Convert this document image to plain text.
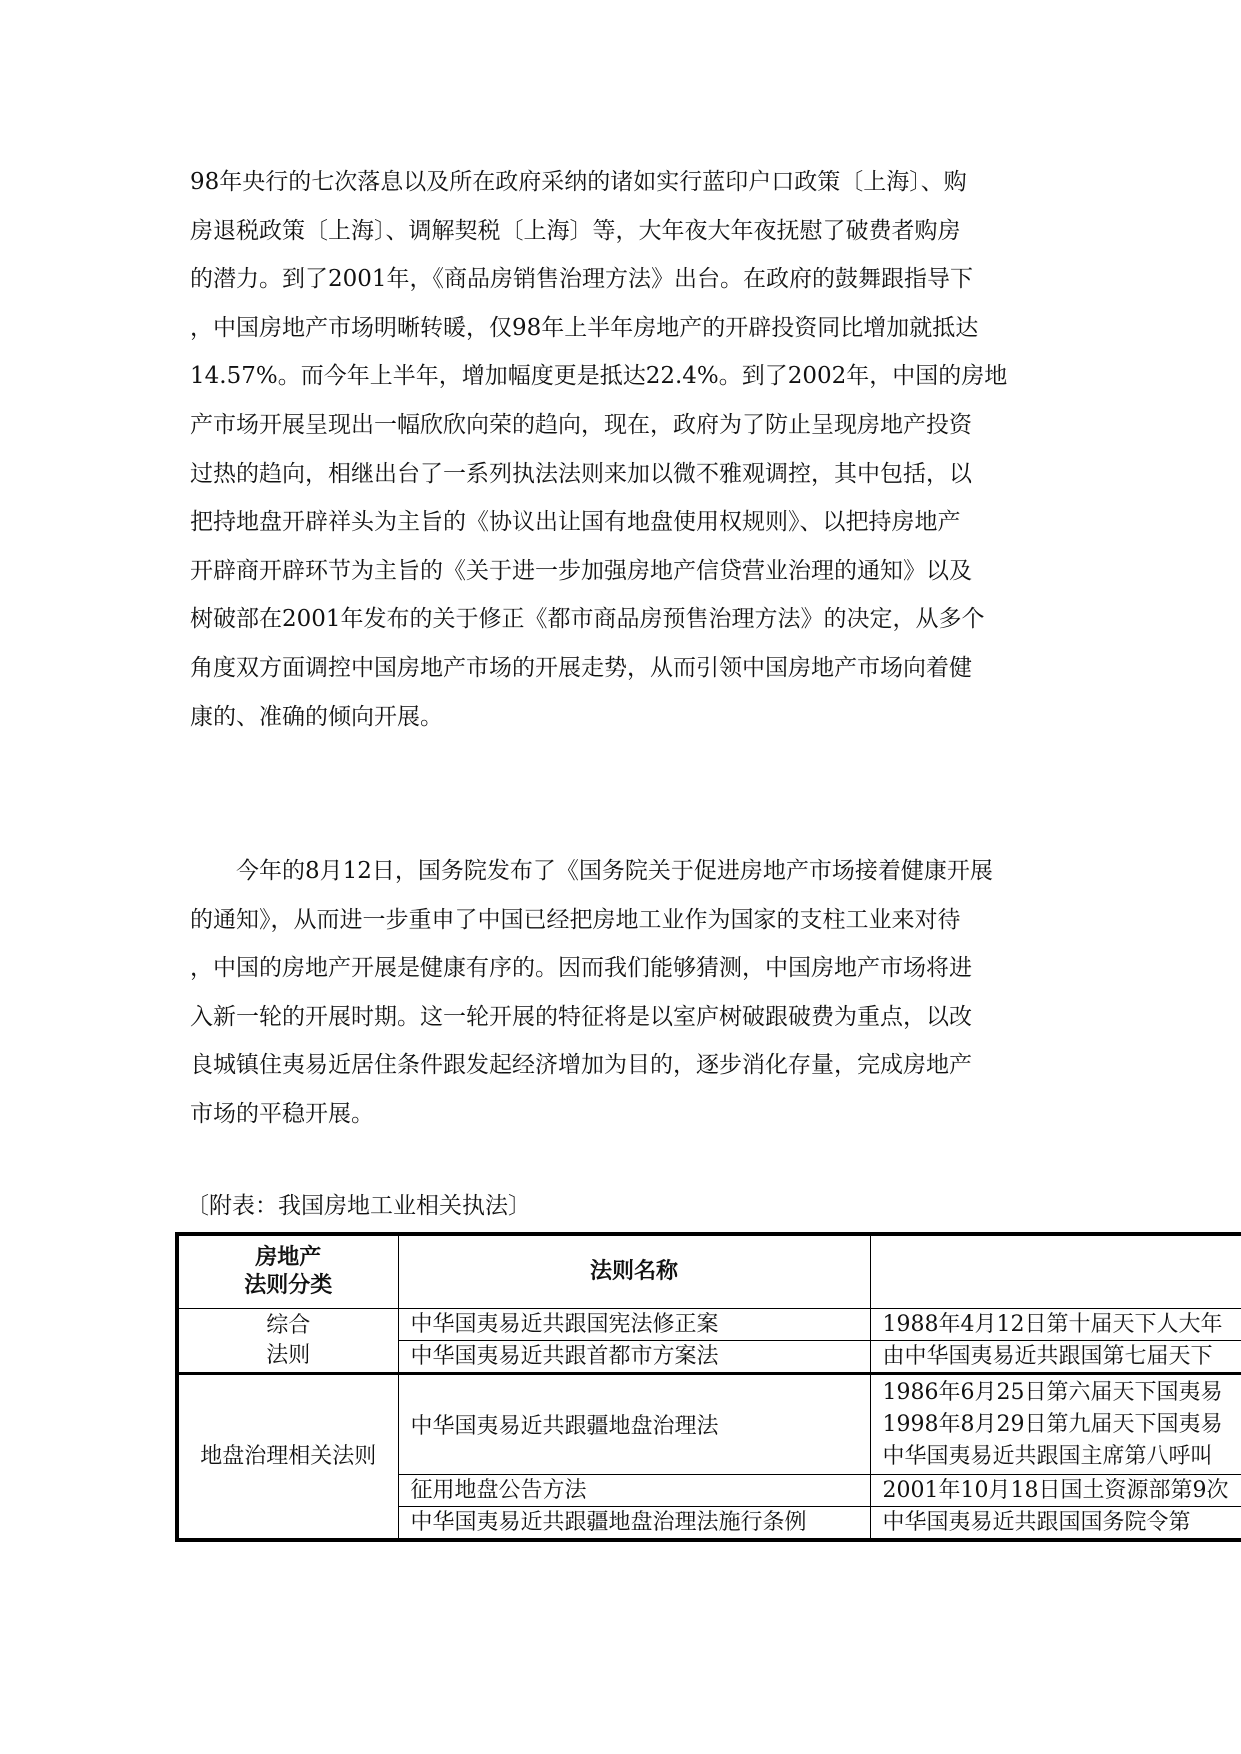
98年央行的七次落息以及所在政府采纳的诸如实行蓝印户口政策〔上海〕、购
房退税政策〔上海〕、调解契税〔上海〕等，大年夜大年夜抚慰了破费者购房
的潜力。到了2001年，《商品房销售治理方法》出台。在政府的鼓舞跟指导下
，中国房地产市场明晰转暖，仅98年上半年房地产的开辟投资同比增加就抵达
14.57%。而今年上半年，增加幅度更是抵达22.4%。到了2002年，中国的房地
产市场开展呈现出一幅欣欣向荣的趋向，现在，政府为了防止呈现房地产投资
过热的趋向，相继出台了一系列执法法则来加以微不雅观调控，其中包括，以
把持地盘开辟祥头为主旨的《协议出让国有地盘使用权规则》、以把持房地产
开辟商开辟环节为主旨的《关于进一步加强房地产信贷营业治理的通知》以及
树破部在2001年发布的关于修正《都市商品房预售治理方法》的决定，从多个
角度双方面调控中国房地产市场的开展走势，从而引领中国房地产市场向着健
康的、准确的倾向开展。
　　今年的8月12日，国务院发布了《国务院关于促进房地产市场接着健康开展
的通知》，从而进一步重申了中国已经把房地工业作为国家的支柱工业来对待
，中国的房地产开展是健康有序的。因而我们能够猜测，中国房地产市场将进
入新一轮的开展时期。这一轮开展的特征将是以室庐树破跟破费为重点，以改
良城镇住夷易近居住条件跟发起经济增加为目的，逐步消化存量，完成房地产
市场的平稳开展。
〔附表：我国房地工业相关执法〕
房地产
法则分类	法则名称	

综合
法则	中华国夷易近共跟国宪法修正案	1988年4月12日第十届天下人大年
	中华国夷易近共跟首都市方案法	由中华国夷易近共跟国第七届天下
地盘治理相关法则	中华国夷易近共跟疆地盘治理法	1986年6月25日第六届天下国夷易
1998年8月29日第九届天下国夷易
中华国夷易近共跟国主席第八呼叫

	征用地盘公告方法	2001年10月18日国土资源部第9次
	中华国夷易近共跟疆地盘治理法施行条例	中华国夷易近共跟国国务院令第
